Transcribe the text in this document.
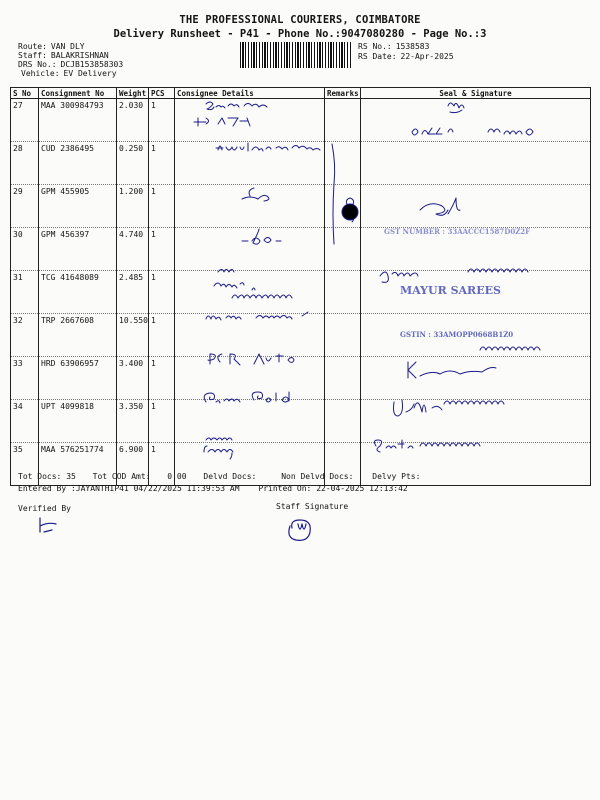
THE PROFESSIONAL COURIERS, COIMBATORE
Delivery Runsheet - P41 - Phone No.:9047080280 - Page No.:3
Route: VAN DLY
Staff: BALAKRISHNAN
DRS No.: DCJB153858303
Vehicle: EV Delivery
RS No.: 1538583
RS Date: 22-Apr-2025
S No	Consignment No	Weight	PCS	Consignee Details	Remarks	Seal & Signature
27	MAA 300984793	2.030	1			
28	CUD 2386495	0.250	1			
29	GPM 455905	1.200	1			
30	GPM 456397	4.740	1			
31	TCG 41648089	2.485	1			
32	TRP 2667608	10.550	1			
33	HRD 63906957	3.400	1			
34	UPT 4099818	3.350	1			
35	MAA 576251774	6.900	1			

GST NUMBER : 33AACCC1587D0Z2F
MAYUR SAREES
GSTIN : 33AMOPP0668B1Z0
Tot Docs: 35 Tot COD Amt: 0.00 Delvd Docs:	Non Delvd Docs: Delvy Pts:
Entered By :JAYANTHIP41 04/22/2025 11:39:53 AM Printed On: 22-04-2025 12:13:42
Verified By	Staff Signature
